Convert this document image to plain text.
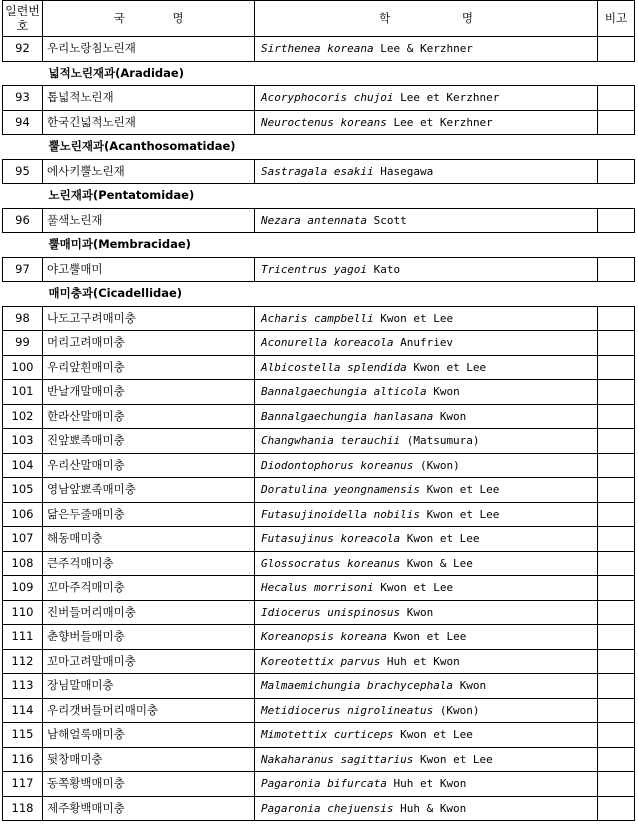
일련번호	국 명	학 명	비고
92	우리노랑침노린재	Sirthenea koreana Lee & Kerzhner	
	넓적노린재과(Aradidae)		
93	톱넓적노린재	Acoryphocoris chujoi Lee et Kerzhner	
94	한국긴넓적노린재	Neuroctenus koreans Lee et Kerzhner	
	뿔노린재과(Acanthosomatidae)		
95	에사키뿔노린재	Sastragala esakii Hasegawa	
	노린재과(Pentatomidae)		
96	풀색노린재	Nezara antennata Scott	
	뿔매미과(Membracidae)		
97	야고뿔매미	Tricentrus yagoi Kato	
	매미충과(Cicadellidae)		
98	나도고구려매미충	Acharis campbelli Kwon et Lee	
99	머리고려매미충	Aconurella koreacola Anufriev	
100	우리앞흰매미충	Albicostella splendida Kwon et Lee	
101	반날개말매미충	Bannalgaechungia alticola Kwon	
102	한라산말매미충	Bannalgaechungia hanlasana Kwon	
103	진앞뾰족매미충	Changwhania terauchii (Matsumura)	
104	우리산말매미충	Diodontophorus koreanus (Kwon)	
105	영남앞뾰족매미충	Doratulina yeongnamensis Kwon et Lee	
106	닮은두줄매미충	Futasujinoidella nobilis Kwon et Lee	
107	해동매미충	Futasujinus koreacola Kwon et Lee	
108	큰주걱매미충	Glossocratus koreanus Kwon & Lee	
109	꼬마주걱매미충	Hecalus morrisoni Kwon et Lee	
110	진버들머리매미충	Idiocerus unispinosus Kwon	
111	춘향버들매미충	Koreanopsis koreana Kwon et Lee	
112	꼬마고려말매미충	Koreotettix parvus Huh et Kwon	
113	장님말매미충	Malmaemichungia brachycephala Kwon	
114	우리갯버들머리매미충	Metidiocerus nigrolineatus (Kwon)	
115	남해얼룩매미충	Mimotettix curticeps Kwon et Lee	
116	뒷창매미충	Nakaharanus sagittarius Kwon et Lee	
117	동쪽황백매미충	Pagaronia bifurcata Huh et Kwon	
118	제주황백매미충	Pagaronia chejuensis Huh & Kwon	
